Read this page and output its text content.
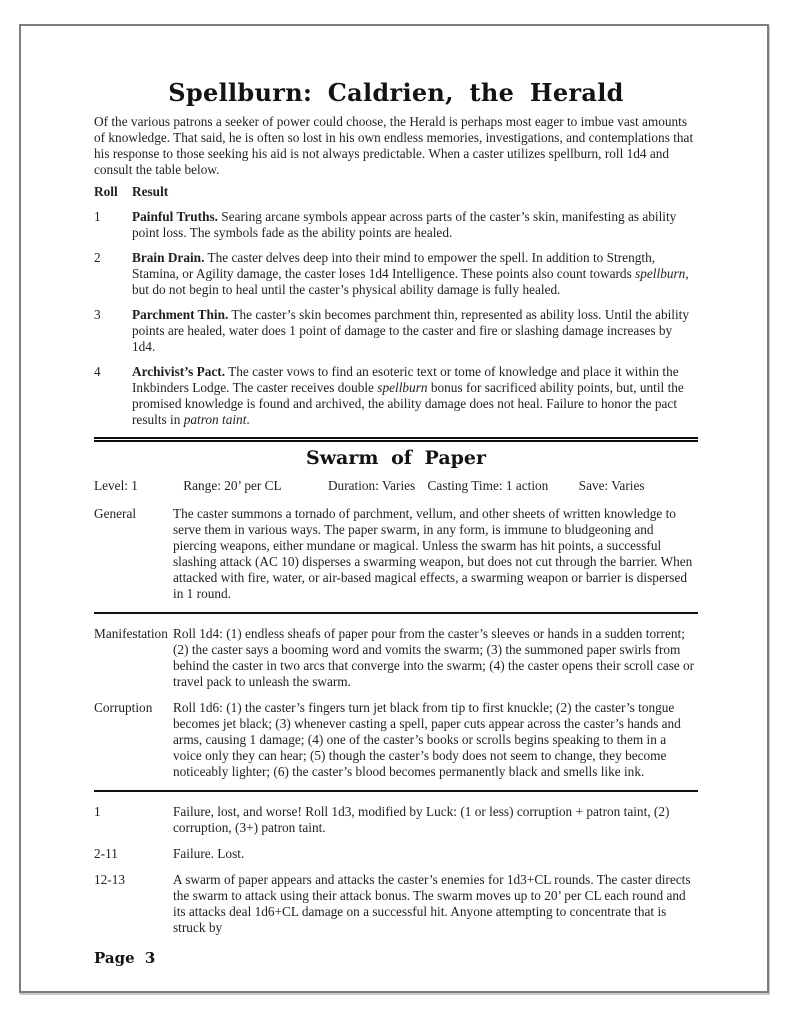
Spellburn: Caldrien, the Herald

Of the various patrons a seeker of power could choose, the Herald is perhaps most eager to imbue vast amounts of knowledge. That said, he is often so lost in his own endless memories, investigations, and contemplations that his response to those seeking his aid is not always predictable. When a caster utilizes spellburn, roll 1d4 and consult the table below.

Roll	Result
1	Painful Truths. Searing arcane symbols appear across parts of the caster’s skin, manifesting as ability point loss. The symbols fade as the ability points are healed.
2	Brain Drain. The caster delves deep into their mind to empower the spell. In addition to Strength, Stamina, or Agility damage, the caster loses 1d4 Intelligence. These points also count towards spellburn, but do not begin to heal until the caster’s physical ability damage is fully healed.
3	Parchment Thin. The caster’s skin becomes parchment thin, represented as ability loss. Until the ability points are healed, water does 1 point of damage to the caster and fire or slashing damage increases by 1d4.
4	Archivist’s Pact. The caster vows to find an esoteric text or tome of knowledge and place it within the Inkbinders Lodge. The caster receives double spellburn bonus for sacrificed ability points, but, until the promised knowledge is found and archived, the ability damage does not heal. Failure to honor the pact results in patron taint.
Swarm of Paper
Level: 1	Range: 20’ per CL	Duration: Varies Casting Time: 1 action Save: Varies
General	The caster summons a tornado of parchment, vellum, and other sheets of written knowledge to serve them in various ways. The paper swarm, in any form, is immune to bludgeoning and piercing weapons, either mundane or magical. Unless the swarm has hit points, a successful slashing attack (AC 10) disperses a swarming weapon, but does not cut through the barrier. When attacked with fire, water, or air-based magical effects, a swarming weapon or barrier is dispersed in 1 round.
Manifestation Roll 1d4: (1) endless sheafs of paper pour from the caster’s sleeves or hands in a sudden torrent; (2) the caster says a booming word and vomits the swarm; (3) the summoned paper swirls from behind the caster in two arcs that converge into the swarm; (4) the caster opens their scroll case or travel pack to unleash the swarm.
Corruption	Roll 1d6: (1) the caster’s fingers turn jet black from tip to first knuckle; (2) the caster’s tongue becomes jet black; (3) whenever casting a spell, paper cuts appear across the caster’s hands and arms, causing 1 damage; (4) one of the caster’s books or scrolls begins speaking to them in a voice only they can hear; (5) though the caster’s body does not seem to change, they become noticeably lighter; (6) the caster’s blood becomes permanently black and smells like ink.
1	Failure, lost, and worse! Roll 1d3, modified by Luck: (1 or less) corruption + patron taint, (2) corruption, (3+) patron taint.
2-11	Failure. Lost.
12-13	A swarm of paper appears and attacks the caster’s enemies for 1d3+CL rounds. The caster directs the swarm to attack using their attack bonus. The swarm moves up to 20’ per CL each round and its attacks deal 1d6+CL damage on a successful hit. Anyone attempting to concentrate that is struck by
Page 3
